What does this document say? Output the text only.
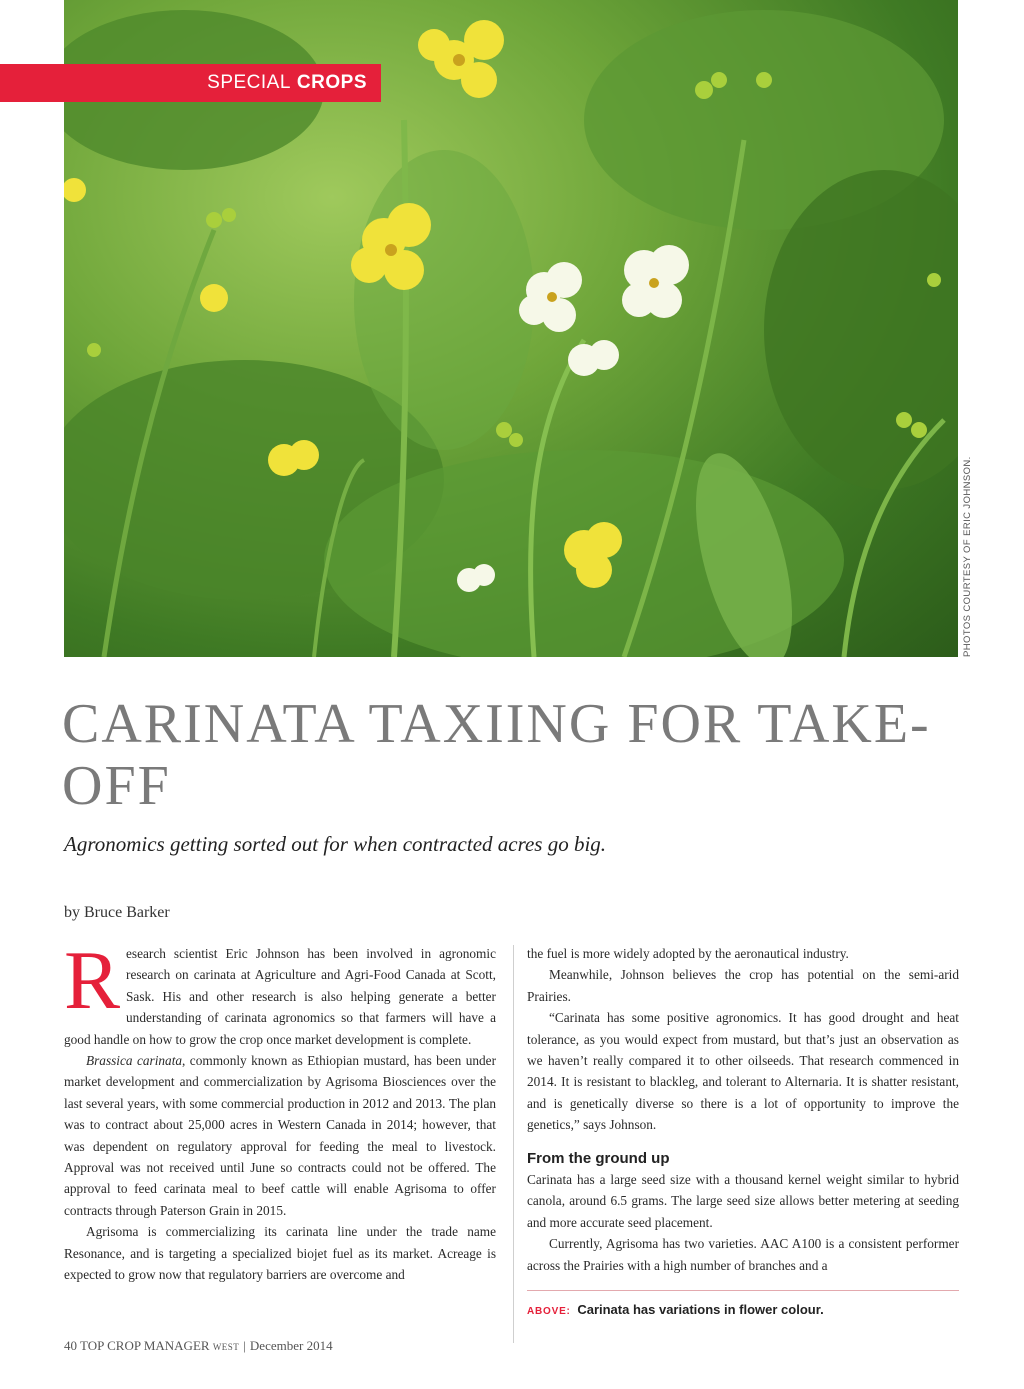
PHOTOS COURTESY OF ERIC JOHNSON.
SPECIAL CROPS
CARINATA TAXIING FOR TAKE-OFF

Agronomics getting sorted out for when contracted acres go big.

by Bruce Barker

Research scientist Eric Johnson has been involved in agronomic research on carinata at Agriculture and Agri-Food Canada at Scott, Sask. His and other research is also helping generate a better understanding of carinata agronomics so that farmers will have a good handle on how to grow the crop once market development is complete.

Brassica carinata, commonly known as Ethiopian mustard, has been under market development and commercialization by Agrisoma Biosciences over the last several years, with some commercial production in 2012 and 2013. The plan was to contract about 25,000 acres in Western Canada in 2014; however, that was dependent on regulatory approval for feeding the meal to livestock. Approval was not received until June so contracts could not be offered. The approval to feed carinata meal to beef cattle will enable Agrisoma to offer contracts through Paterson Grain in 2015.

Agrisoma is commercializing its carinata line under the trade name Resonance, and is targeting a specialized biojet fuel as its market. Acreage is expected to grow now that regulatory barriers are overcome and

the fuel is more widely adopted by the aeronautical industry.

Meanwhile, Johnson believes the crop has potential on the semi-arid Prairies.

“Carinata has some positive agronomics. It has good drought and heat tolerance, as you would expect from mustard, but that’s just an observation as we haven’t really compared it to other oilseeds. That research commenced in 2014. It is resistant to blackleg, and tolerant to Alternaria. It is shatter resistant, and is genetically diverse so there is a lot of opportunity to improve the genetics,” says Johnson.

From the ground up

Carinata has a large seed size with a thousand kernel weight similar to hybrid canola, around 6.5 grams. The large seed size allows better metering at seeding and more accurate seed placement.

Currently, Agrisoma has two varieties. AAC A100 is a consistent performer across the Prairies with a high number of branches and a

ABOVE: Carinata has variations in flower colour.
40 TOP CROP MANAGER WEST | December 2014
